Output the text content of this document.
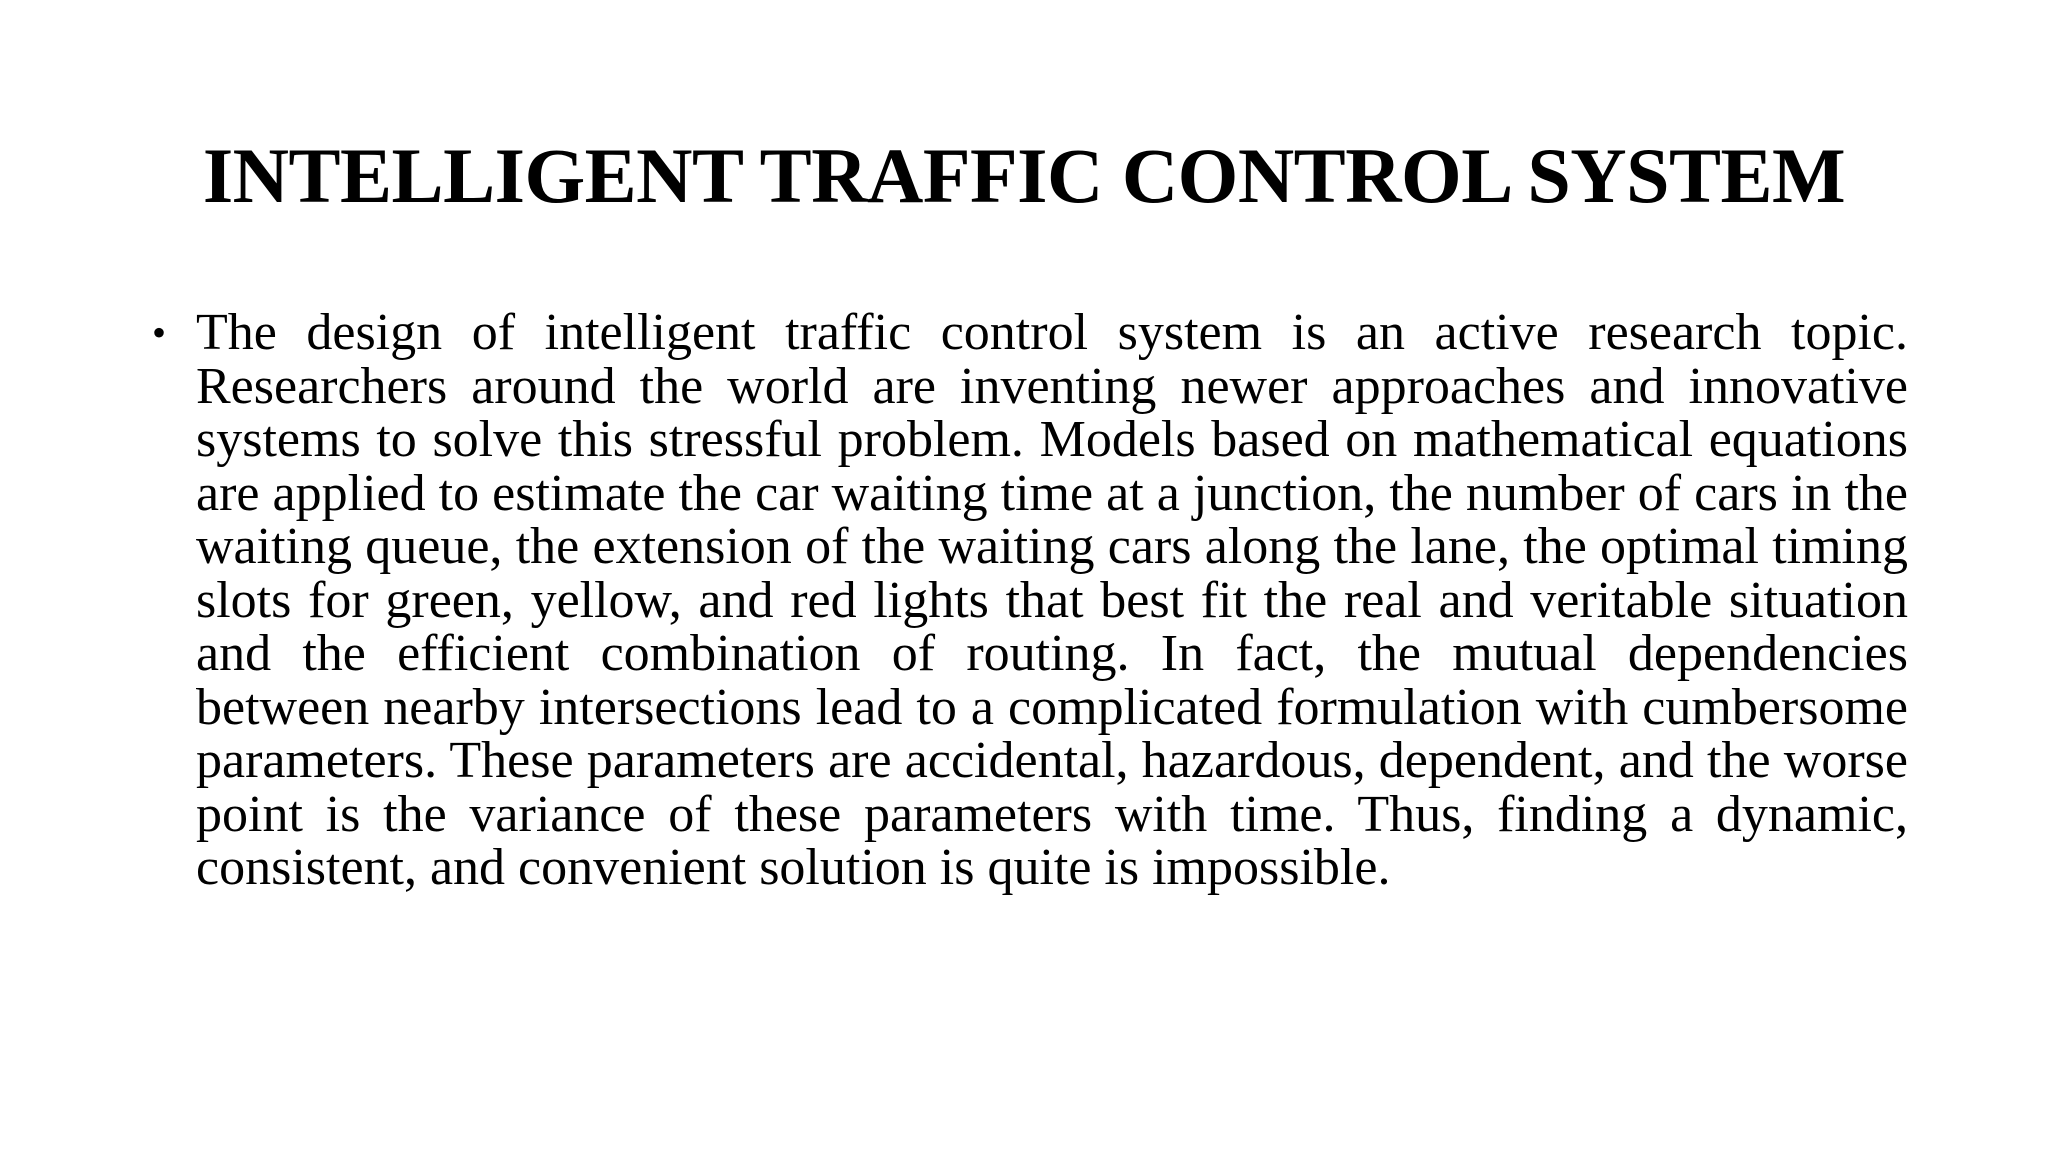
INTELLIGENT TRAFFIC CONTROL SYSTEM
• The design of intelligent traffic control system is an active research topic. Researchers around the world are inventing newer approaches and innovative systems to solve this stressful problem. Models based on mathematical equations are applied to estimate the car waiting time at a junction, the number of cars in the waiting queue, the extension of the waiting cars along the lane, the optimal timing slots for green, yellow, and red lights that best fit the real and veritable situation and the efficient combination of routing. In fact, the mutual dependencies between nearby intersections lead to a complicated formulation with cumbersome parameters. These parameters are accidental, hazardous, dependent, and the worse point is the variance of these parameters with time. Thus, finding a dynamic, consistent, and convenient solution is quite is impossible.
